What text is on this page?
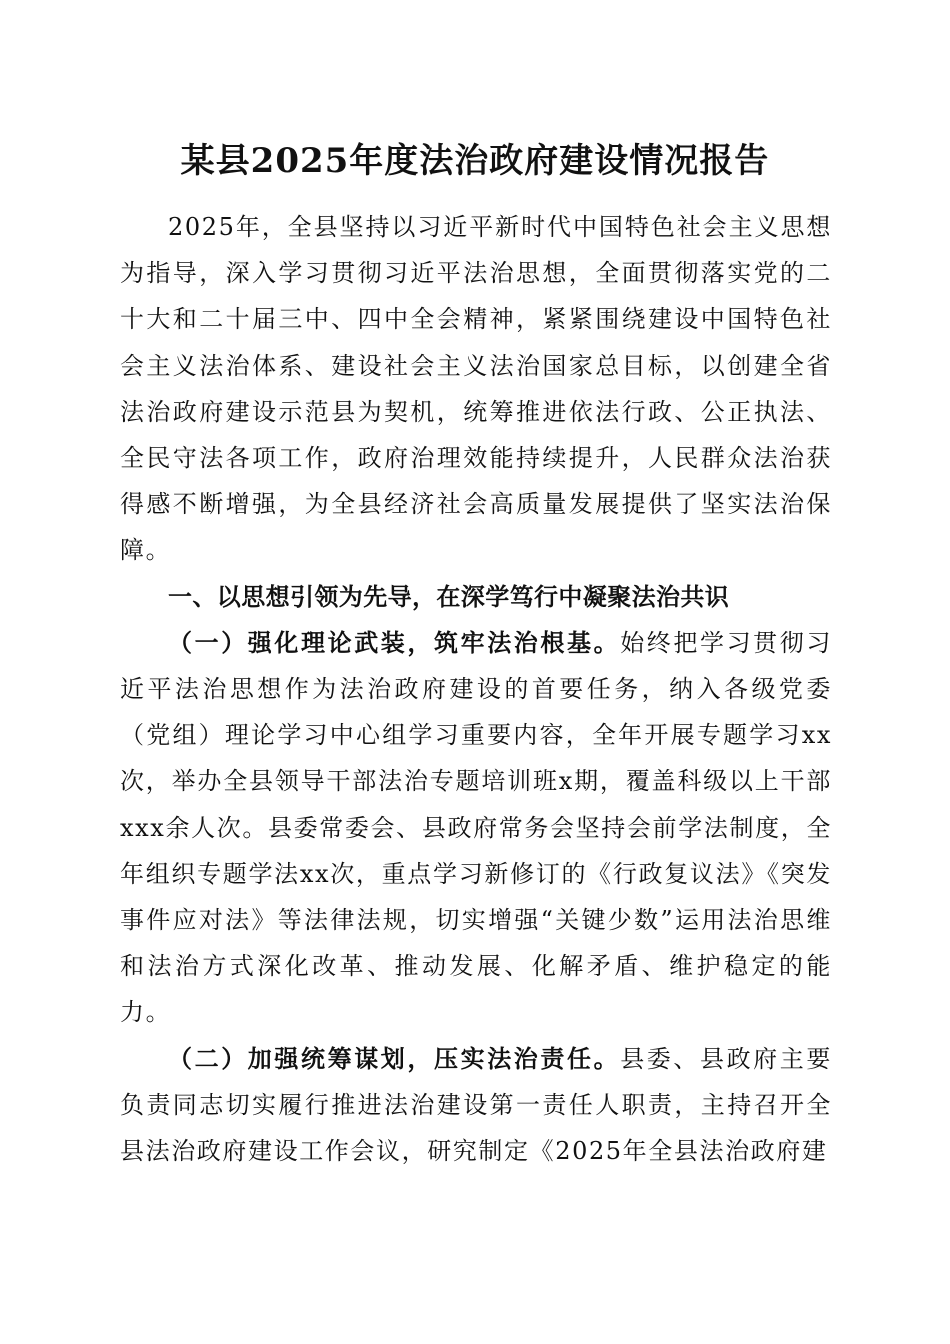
某县2025年度法治政府建设情况报告

2025年，全县坚持以习近平新时代中国特色社会主义思想为指导，深入学习贯彻习近平法治思想，全面贯彻落实党的二十大和二十届三中、四中全会精神，紧紧围绕建设中国特色社会主义法治体系、建设社会主义法治国家总目标，以创建全省法治政府建设示范县为契机，统筹推进依法行政、公正执法、全民守法各项工作，政府治理效能持续提升，人民群众法治获得感不断增强，为全县经济社会高质量发展提供了坚实法治保障。

一、以思想引领为先导，在深学笃行中凝聚法治共识

（一）强化理论武装，筑牢法治根基。始终把学习贯彻习近平法治思想作为法治政府建设的首要任务，纳入各级党委（党组）理论学习中心组学习重要内容，全年开展专题学习xx次，举办全县领导干部法治专题培训班x期，覆盖科级以上干部xxx余人次。县委常委会、县政府常务会坚持会前学法制度，全年组织专题学法xx次，重点学习新修订的《行政复议法》《突发事件应对法》等法律法规，切实增强“关键少数”运用法治思维和法治方式深化改革、推动发展、化解矛盾、维护稳定的能力。

（二）加强统筹谋划，压实法治责任。县委、县政府主要负责同志切实履行推进法治建设第一责任人职责，主持召开全县法治政府建设工作会议，研究制定《2025年全县法治政府建
